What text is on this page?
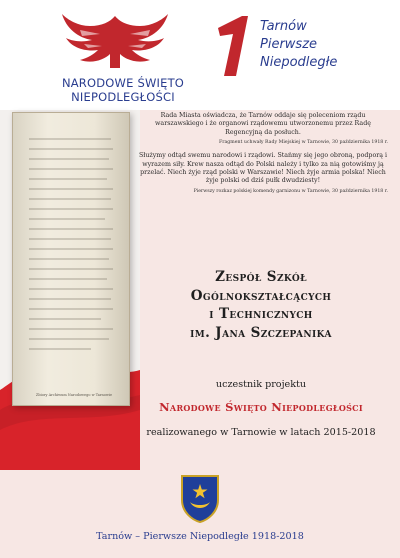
NARODOWE ŚWIĘTO
NIEPODLEGŁOŚCI
Tarnów
Pierwsze
Niepodległe
Zbiory Archiwum Narodowego w Tarnowie

Rada Miasta oświadcza, że Tarnów oddaje się poleceniom rządu warszawskiego i że organowi rządowemu utworzonemu przez Radę Regencyjną da posłuch.

Fragment uchwały Rady Miejskiej w Tarnowie, 30 października 1918 r.

Służymy odtąd swemu narodowi i rządowi. Stańmy się jego obroną, podporą i wyrazem siły. Krew nasza odtąd do Polski należy i tylko za nią gotowiśmy ją przelać. Niech żyje rząd polski w Warszawie! Niech żyje armia polska! Niech żyje polski od dziś pułk dwudziesty!

Pierwszy rozkaz polskiej komendy garnizonu w Tarnowie, 30 października 1918 r.

Zespół Szkół
Ogólnokształcących
i Technicznych
im. Jana Szczepanika
uczestnik projektu
Narodowe Święto Niepodległości
realizowanego w Tarnowie w latach 2015-2018
Tarnów – Pierwsze Niepodległe 1918-2018
